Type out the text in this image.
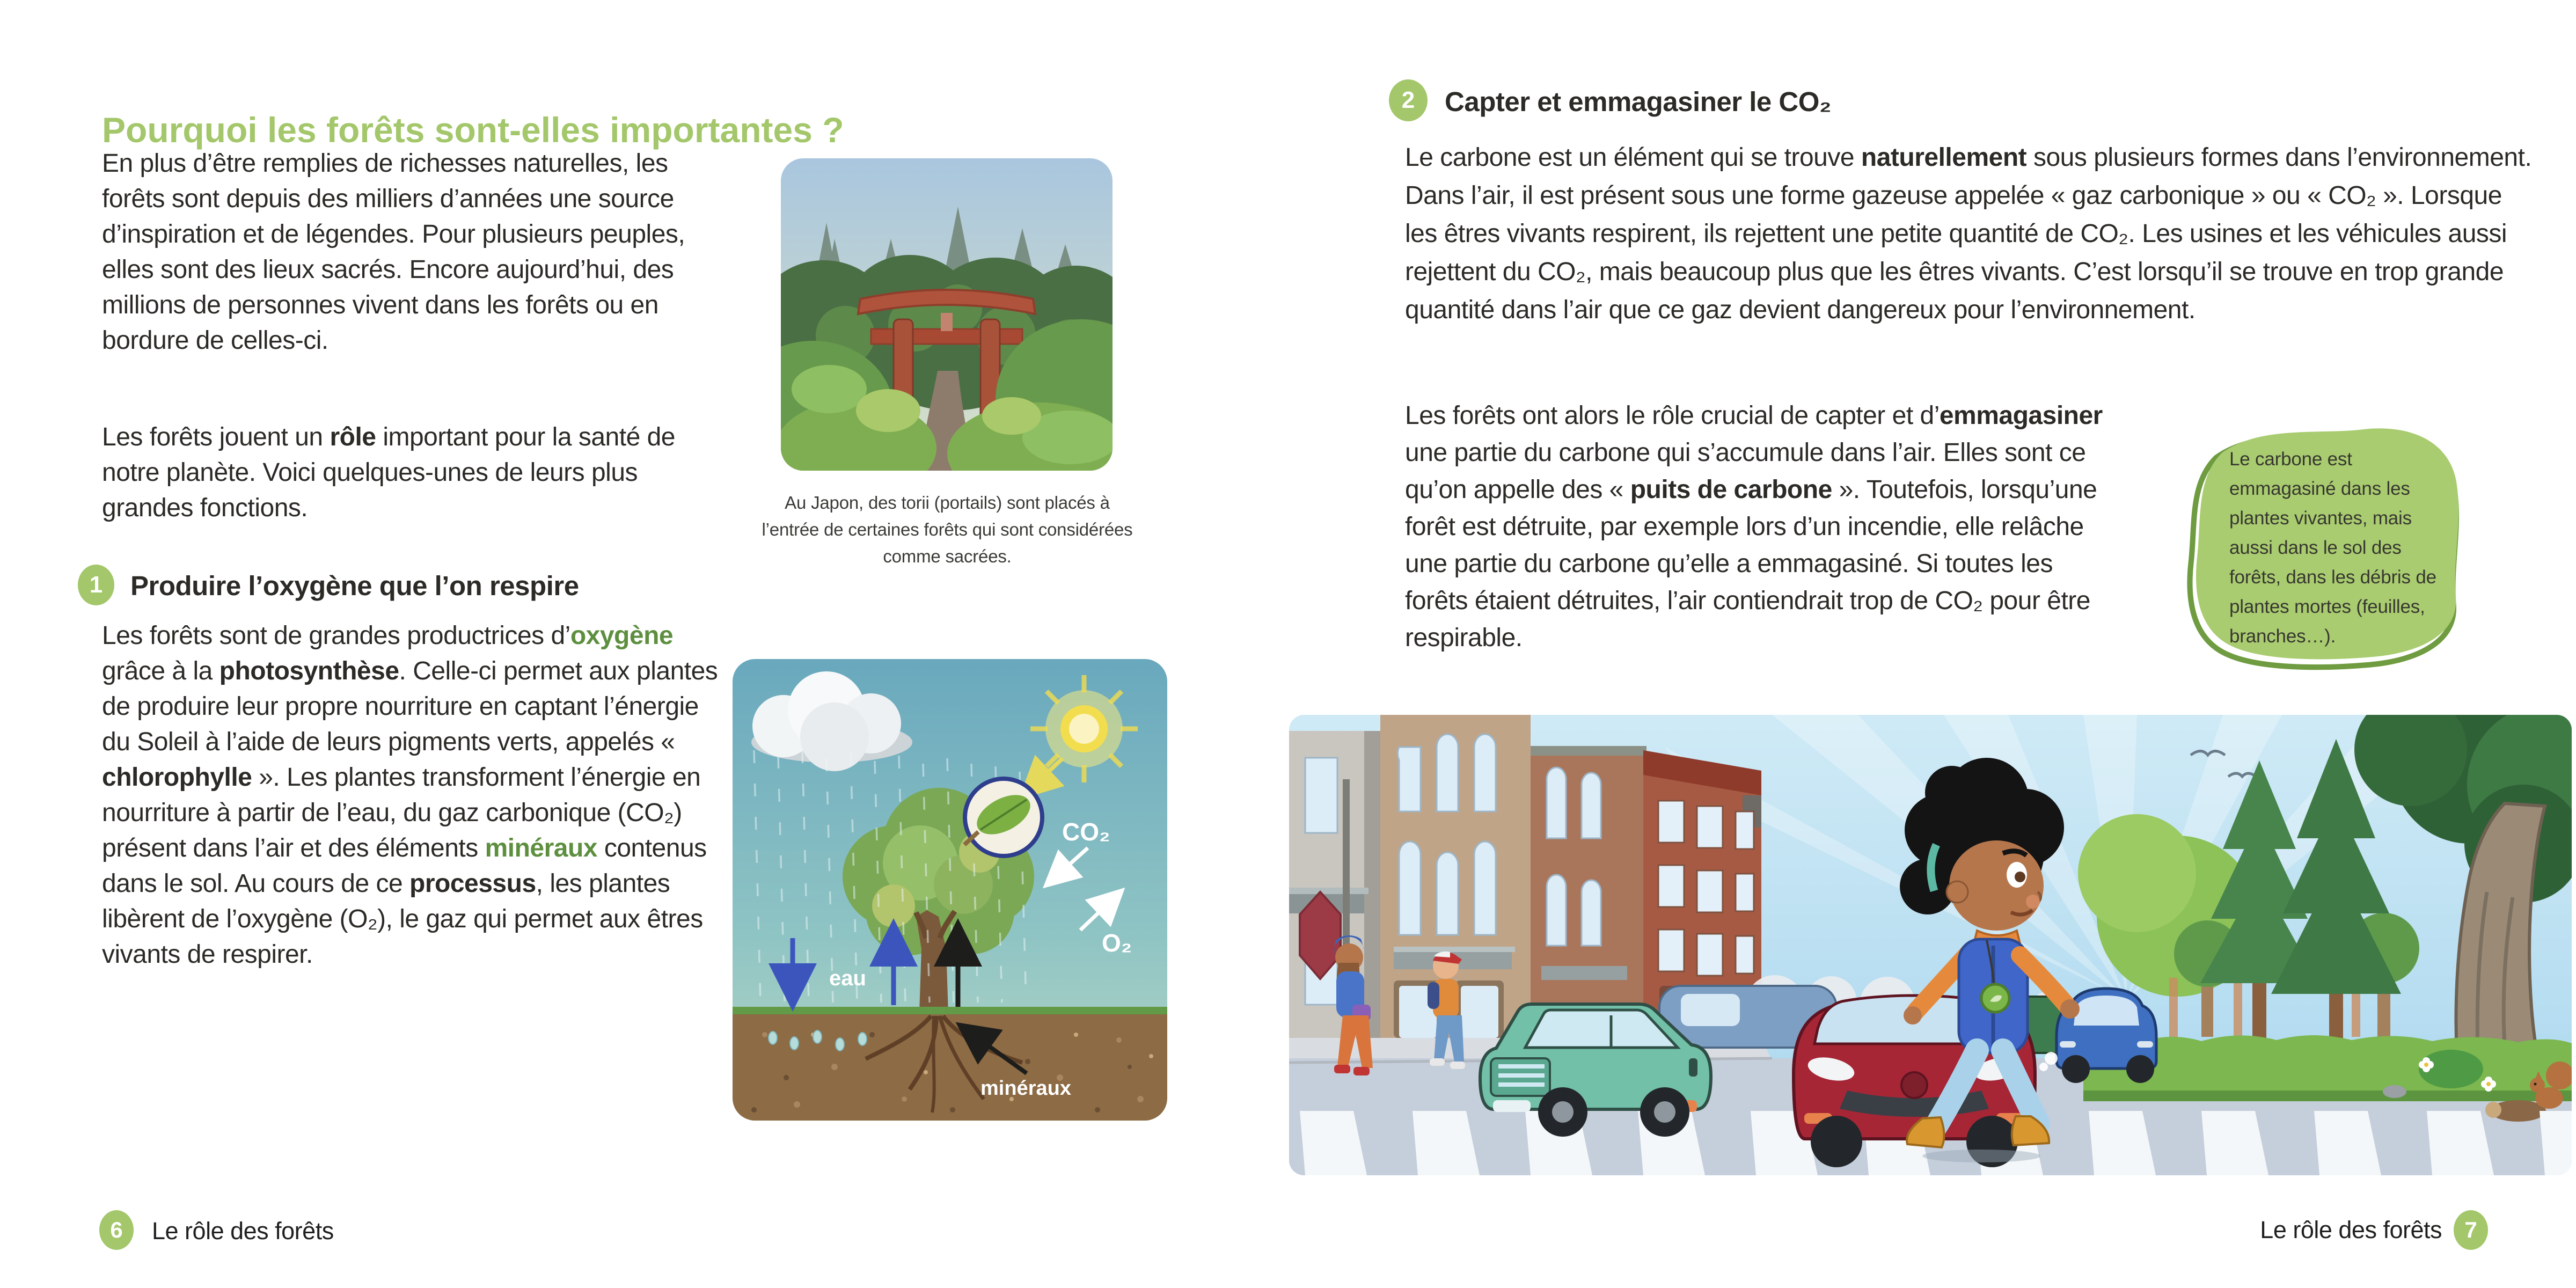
Pourquoi les forêts sont-elles importantes ?

En plus d’être remplies de richesses naturelles, les forêts sont depuis des milliers d’années une source d’inspiration et de légendes. Pour plusieurs peuples, elles sont des lieux sacrés. Encore aujourd’hui, des millions de personnes vivent dans les forêts ou en bordure de celles-ci.

Les forêts jouent un rôle important pour la santé de notre planète. Voici quelques-unes de leurs plus grandes fonctions.

1	Produire l’oxygène que l’on respire

Les forêts sont de grandes productrices d’oxygène grâce à la photosynthèse. Celle-ci permet aux plantes de produire leur propre nourriture en captant l’énergie du Soleil à l’aide de leurs pigments verts, appelés « chlorophylle ». Les plantes transforment l’énergie en nourriture à partir de l’eau, du gaz carbonique (CO₂) présent dans l’air et des éléments minéraux contenus dans le sol. Au cours de ce processus, les plantes libèrent de l’oxygène (O₂), le gaz qui permet aux êtres vivants de respirer.

Au Japon, des torii (portails) sont placés à l’entrée de certaines forêts qui sont considérées comme sacrées.

CO₂
O₂
eau
minéraux
6	Le rôle des forêts
2	Capter et emmagasiner le CO₂

Le carbone est un élément qui se trouve naturellement sous plusieurs formes dans l’environnement. Dans l’air, il est présent sous une forme gazeuse appelée « gaz carbonique » ou « CO₂ ». Lorsque les êtres vivants respirent, ils rejettent une petite quantité de CO₂. Les usines et les véhicules aussi rejettent du CO₂, mais beaucoup plus que les êtres vivants. C’est lorsqu’il se trouve en trop grande quantité dans l’air que ce gaz devient dangereux pour l’environnement.

Les forêts ont alors le rôle crucial de capter et d’emmagasiner une partie du carbone qui s’accumule dans l’air. Elles sont ce qu’on appelle des « puits de carbone ». Toutefois, lorsqu’une forêt est détruite, par exemple lors d’un incendie, elle relâche une partie du carbone qu’elle a emmagasiné. Si toutes les forêts étaient détruites, l’air contiendrait trop de CO₂ pour être respirable.

Le carbone est emmagasiné dans les plantes vivantes, mais aussi dans le sol des forêts, dans les débris de plantes mortes (feuilles, branches…).

Le rôle des forêts	7
